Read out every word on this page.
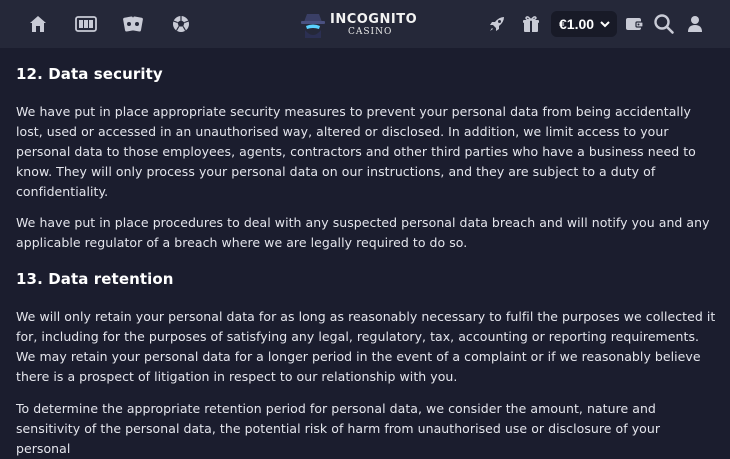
INCOGNITO
CASINO	€1.00
12. Data security

We have put in place appropriate security measures to prevent your personal data from being accidentally lost, used or accessed in an unauthorised way, altered or disclosed. In addition, we limit access to your personal data to those employees, agents, contractors and other third parties who have a business need to know. They will only process your personal data on our instructions, and they are subject to a duty of confidentiality.

We have put in place procedures to deal with any suspected personal data breach and will notify you and any applicable regulator of a breach where we are legally required to do so.

13. Data retention

We will only retain your personal data for as long as reasonably necessary to fulfil the purposes we collected it for, including for the purposes of satisfying any legal, regulatory, tax, accounting or reporting requirements. We may retain your personal data for a longer period in the event of a complaint or if we reasonably believe there is a prospect of litigation in respect to our relationship with you.

To determine the appropriate retention period for personal data, we consider the amount, nature and sensitivity of the personal data, the potential risk of harm from unauthorised use or disclosure of your personal
